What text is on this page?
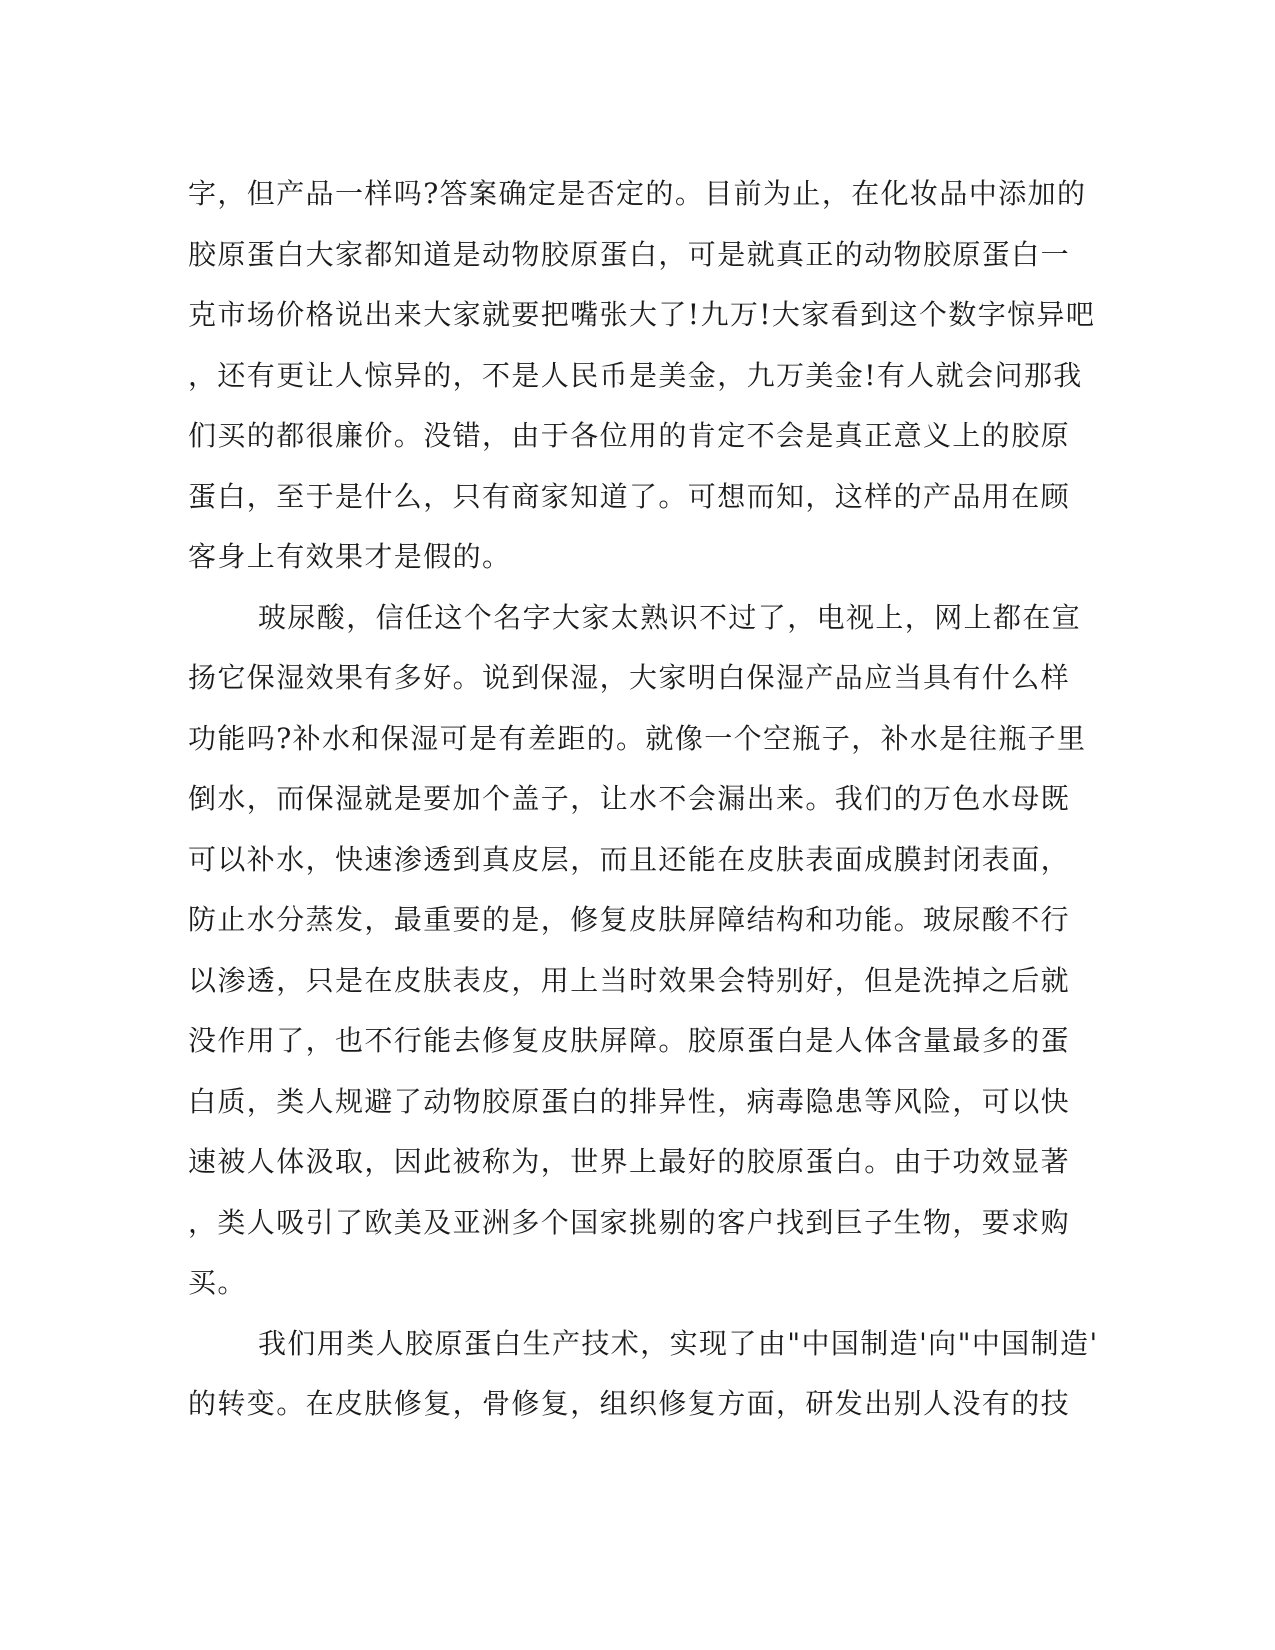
字，但产品一样吗?答案确定是否定的。目前为止，在化妆品中添加的
胶原蛋白大家都知道是动物胶原蛋白，可是就真正的动物胶原蛋白一
克市场价格说出来大家就要把嘴张大了!九万!大家看到这个数字惊异吧
，还有更让人惊异的，不是人民币是美金，九万美金!有人就会问那我
们买的都很廉价。没错，由于各位用的肯定不会是真正意义上的胶原
蛋白，至于是什么，只有商家知道了。可想而知，这样的产品用在顾
客身上有效果才是假的。
玻尿酸，信任这个名字大家太熟识不过了，电视上，网上都在宣
扬它保湿效果有多好。说到保湿，大家明白保湿产品应当具有什么样
功能吗?补水和保湿可是有差距的。就像一个空瓶子，补水是往瓶子里
倒水，而保湿就是要加个盖子，让水不会漏出来。我们的万色水母既
可以补水，快速渗透到真皮层，而且还能在皮肤表面成膜封闭表面，
防止水分蒸发，最重要的是，修复皮肤屏障结构和功能。玻尿酸不行
以渗透，只是在皮肤表皮，用上当时效果会特别好，但是洗掉之后就
没作用了，也不行能去修复皮肤屏障。胶原蛋白是人体含量最多的蛋
白质，类人规避了动物胶原蛋白的排异性，病毒隐患等风险，可以快
速被人体汲取，因此被称为，世界上最好的胶原蛋白。由于功效显著
，类人吸引了欧美及亚洲多个国家挑剔的客户找到巨子生物，要求购
买。
我们用类人胶原蛋白生产技术，实现了由"中国制造'向"中国制造'
的转变。在皮肤修复，骨修复，组织修复方面，研发出别人没有的技
